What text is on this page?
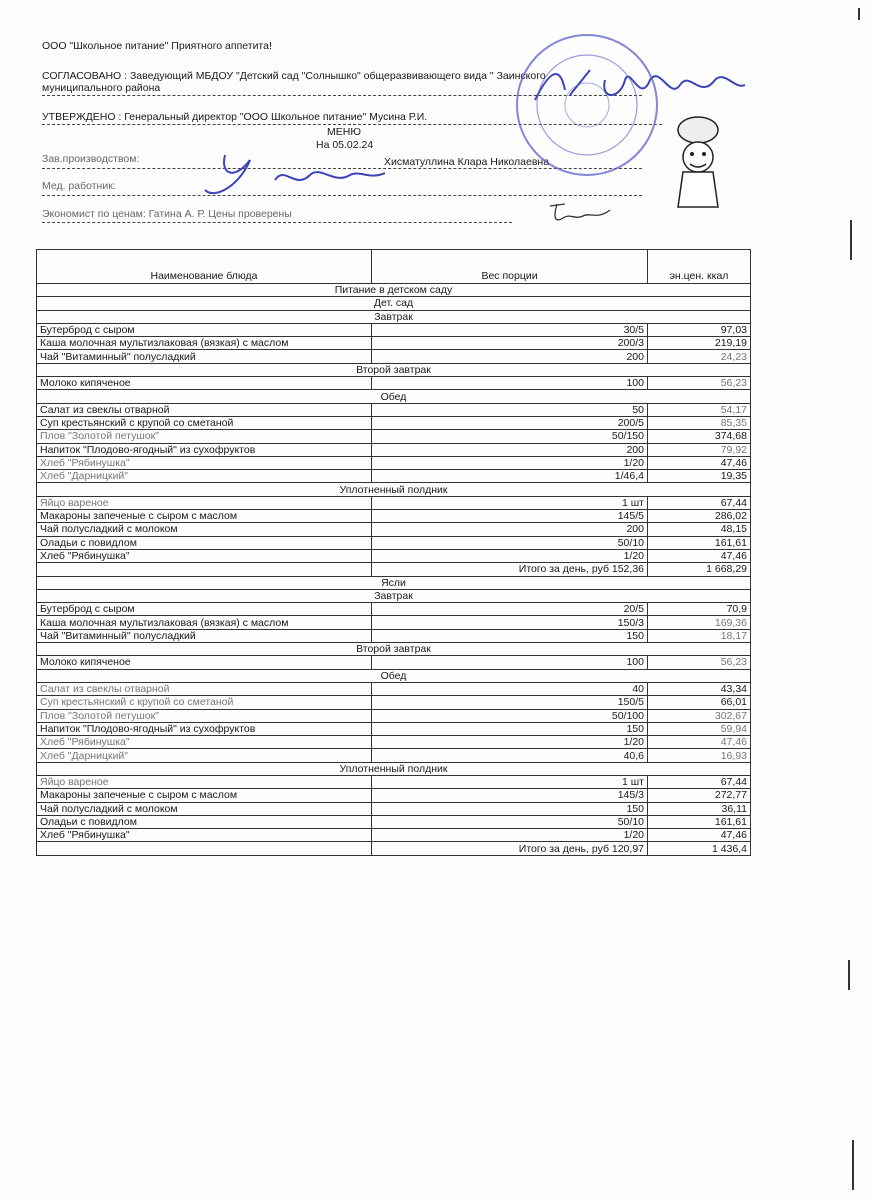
ООО "Школьное питание" Приятного аппетита!
СОГЛАСОВАНО : Заведующий МБДОУ "Детский сад "Солнышко" общеразвивающего вида " Заинского
муниципального района
УТВЕРЖДЕНО : Генеральный директор "ООО Школьное питание" Мусина Р.И.
МЕНЮ
На 05.02.24
Зав.производством:	Хисматуллина Клара Николаевна
Мед. работник:
Экономист по ценам: Гатина А. Р. Цены проверены
Наименование блюда	Вес порции	эн.цен. ккал
Питание в детском саду		
Дет. сад		
Завтрак		
Бутерброд с сыром	30/5	97,03
Каша молочная мультизлаковая (вязкая) с маслом	200/3	219,19
Чай "Витаминный" полусладкий	200	24,23
Второй завтрак		
Молоко кипяченое	100	56,23
Обед		
Салат из свеклы отварной	50	54,17
Суп крестьянский с крупой со сметаной	200/5	85,35
Плов "Золотой петушок"	50/150	374,68
Напиток "Плодово-ягодный" из сухофруктов	200	79,92
Хлеб "Рябинушка"	1/20	47,46
Хлеб "Дарницкий"	1/46,4	19,35
Уплотненный полдник		
Яйцо вареное	1 шт	67,44
Макароны запеченые с сыром с маслом	145/5	286,02
Чай полусладкий с молоком	200	48,15
Оладьи с повидлом	50/10	161,61
Хлеб "Рябинушка"	1/20	47,46
	Итого за день, руб 152,36	1 668,29
Ясли		
Завтрак		
Бутерброд с сыром	20/5	70,9
Каша молочная мультизлаковая (вязкая) с маслом	150/3	169,36
Чай "Витаминный" полусладкий	150	18,17
Второй завтрак		
Молоко кипяченое	100	56,23
Обед		
Салат из свеклы отварной	40	43,34
Суп крестьянский с крупой со сметаной	150/5	66,01
Плов "Золотой петушок"	50/100	302,67
Напиток "Плодово-ягодный" из сухофруктов	150	59,94
Хлеб "Рябинушка"	1/20	47,46
Хлеб "Дарницкий"	40,6	16,93
Уплотненный полдник		
Яйцо вареное	1 шт	67,44
Макароны запеченые с сыром с маслом	145/3	272,77
Чай полусладкий с молоком	150	36,11
Оладьи с повидлом	50/10	161,61
Хлеб "Рябинушка"	1/20	47,46
	Итого за день, руб 120,97	1 436,4
